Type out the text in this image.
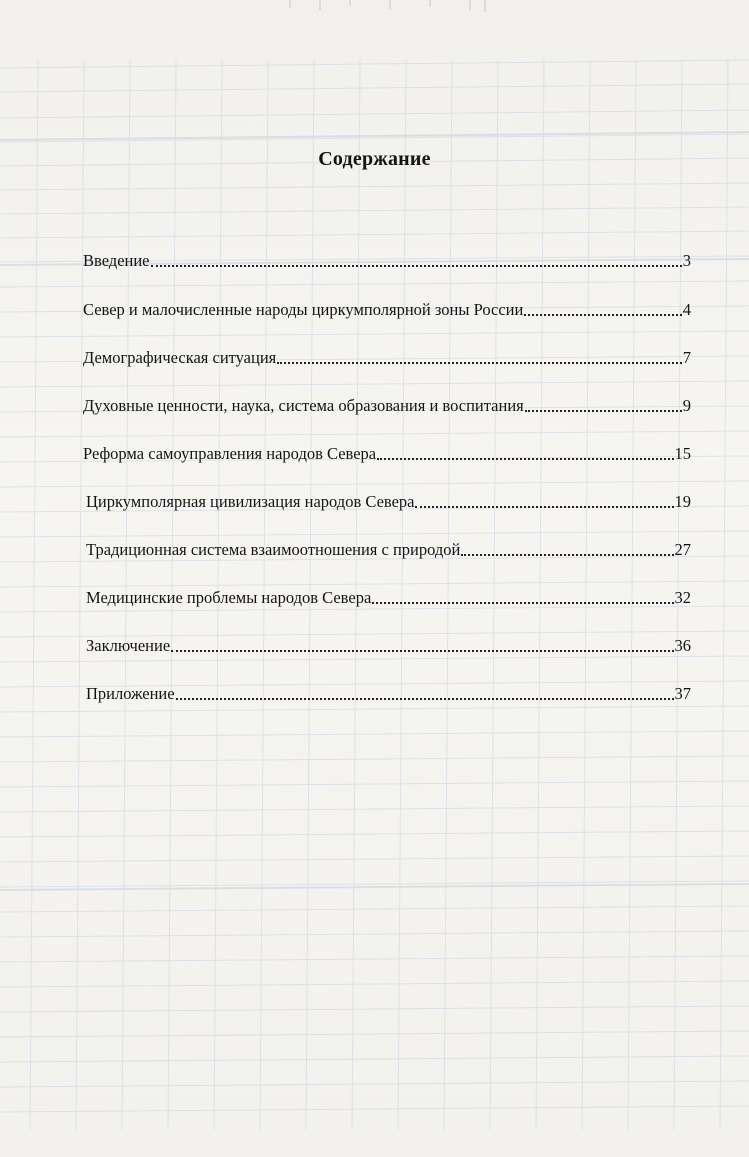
Содержание
Введение	3
Север и малочисленные народы циркумполярной зоны России	4
Демографическая ситуация	7
Духовные ценности, наука, система образования и воспитания	9
Реформа самоуправления народов Севера	15
Циркумполярная цивилизация народов Севера	19
Традиционная система взаимоотношения с природой	27
Медицинские проблемы народов Севера	32
Заключение	36
Приложение	37
